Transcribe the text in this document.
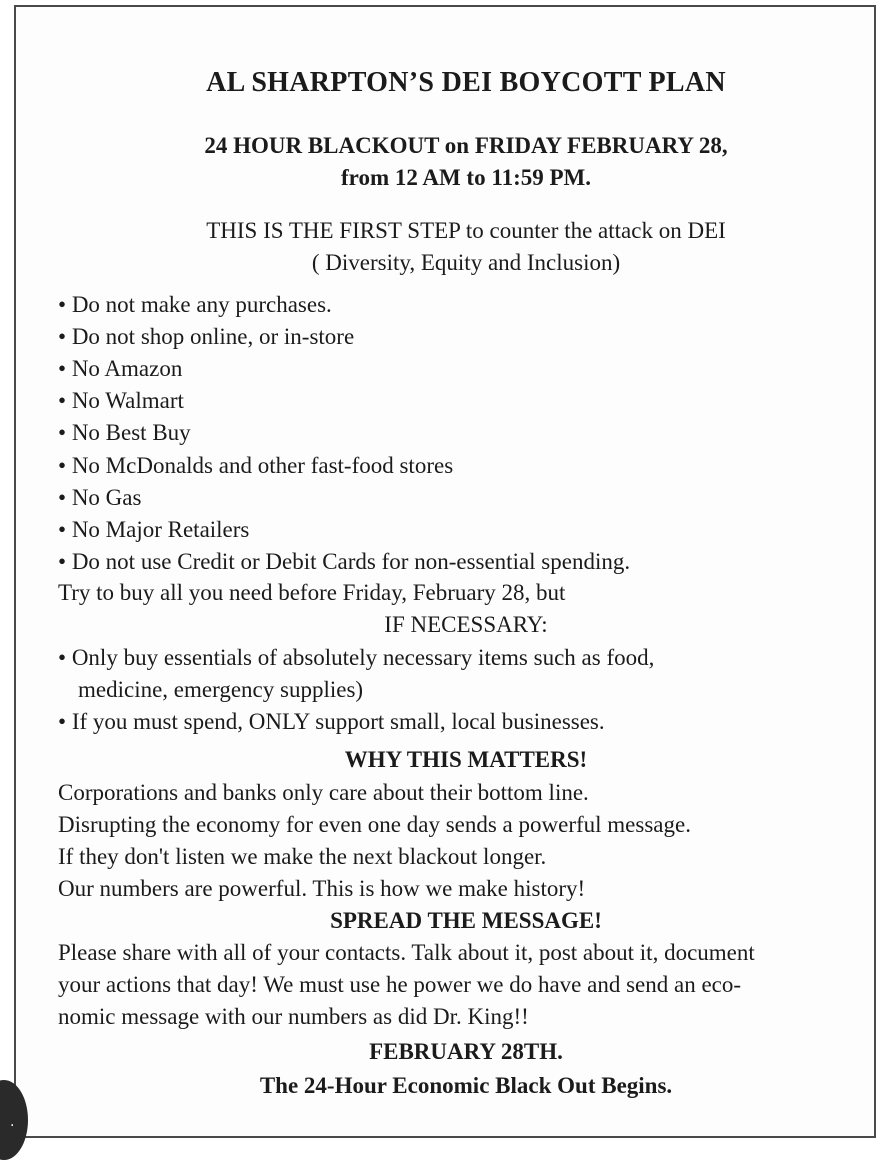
AL SHARPTON’S DEI BOYCOTT PLAN
24 HOUR BLACKOUT on FRIDAY FEBRUARY 28,
from 12 AM to 11:59 PM.
THIS IS THE FIRST STEP to counter the attack on DEI
( Diversity, Equity and Inclusion)
• Do not make any purchases.
• Do not shop online, or in-store
• No Amazon
• No Walmart
• No Best Buy
• No McDonalds and other fast-food stores
• No Gas
• No Major Retailers
• Do not use Credit or Debit Cards for non-essential spending.
Try to buy all you need before Friday, February 28, but
IF NECESSARY:
• Only buy essentials of absolutely necessary items such as food,
medicine, emergency supplies)
• If you must spend, ONLY support small, local businesses.
WHY THIS MATTERS!
Corporations and banks only care about their bottom line.
Disrupting the economy for even one day sends a powerful message.
If they don't listen we make the next blackout longer.
Our numbers are powerful. This is how we make history!
SPREAD THE MESSAGE!
Please share with all of your contacts. Talk about it, post about it, document
your actions that day! We must use he power we do have and send an eco-
nomic message with our numbers as did Dr. King!!
FEBRUARY 28TH.
The 24-Hour Economic Black Out Begins.
·
